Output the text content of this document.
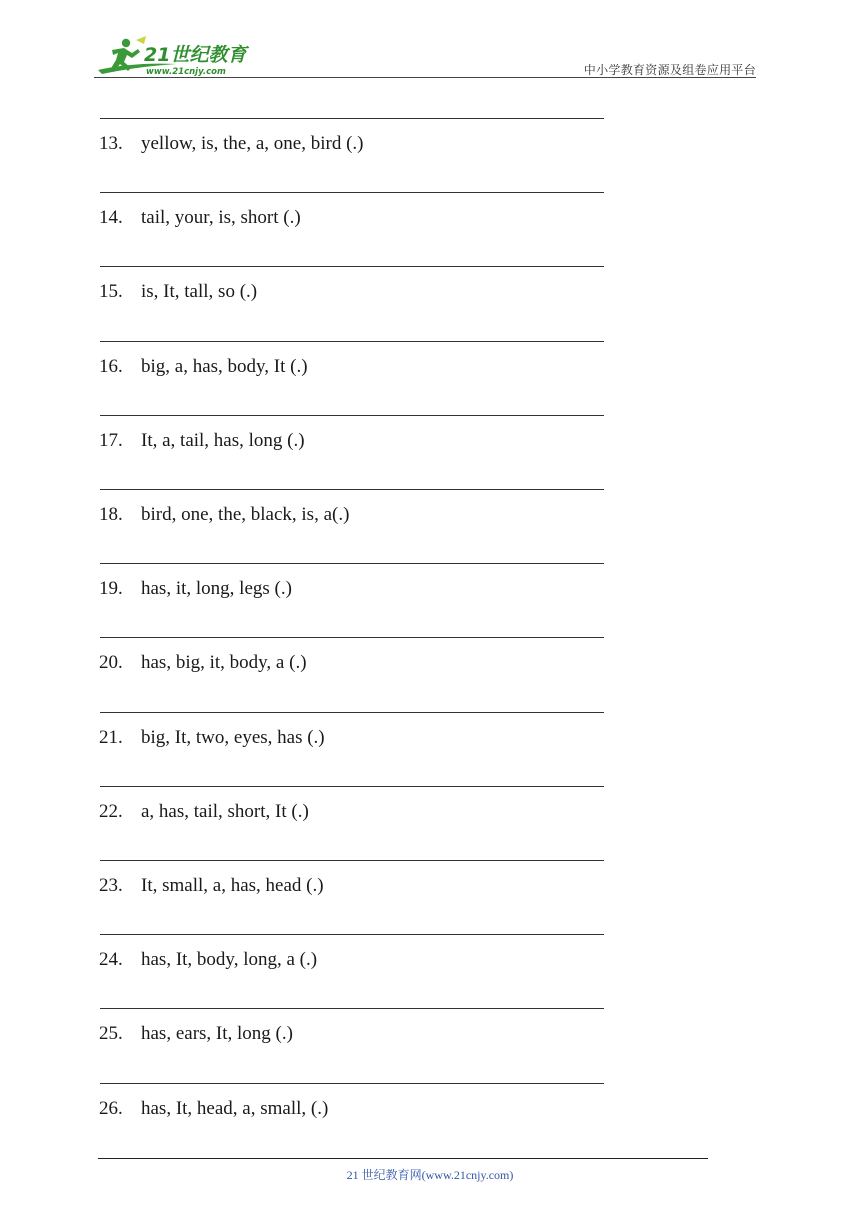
21世纪教育
www.21cnjy.com	中小学教育资源及组卷应用平台
13. yellow, is, the, a, one, bird (.)
14. tail, your, is, short (.)
15. is, It, tall, so (.)
16. big, a, has, body, It (.)
17. It, a, tail, has, long (.)
18. bird, one, the, black, is, a(.)
19. has, it, long, legs (.)
20. has, big, it, body, a (.)
21. big, It, two, eyes, has (.)
22. a, has, tail, short, It (.)
23. It, small, a, has, head (.)
24. has, It, body, long, a (.)
25. has, ears, It, long (.)
26. has, It, head, a, small, (.)
21 世纪教育网(www.21cnjy.com)
